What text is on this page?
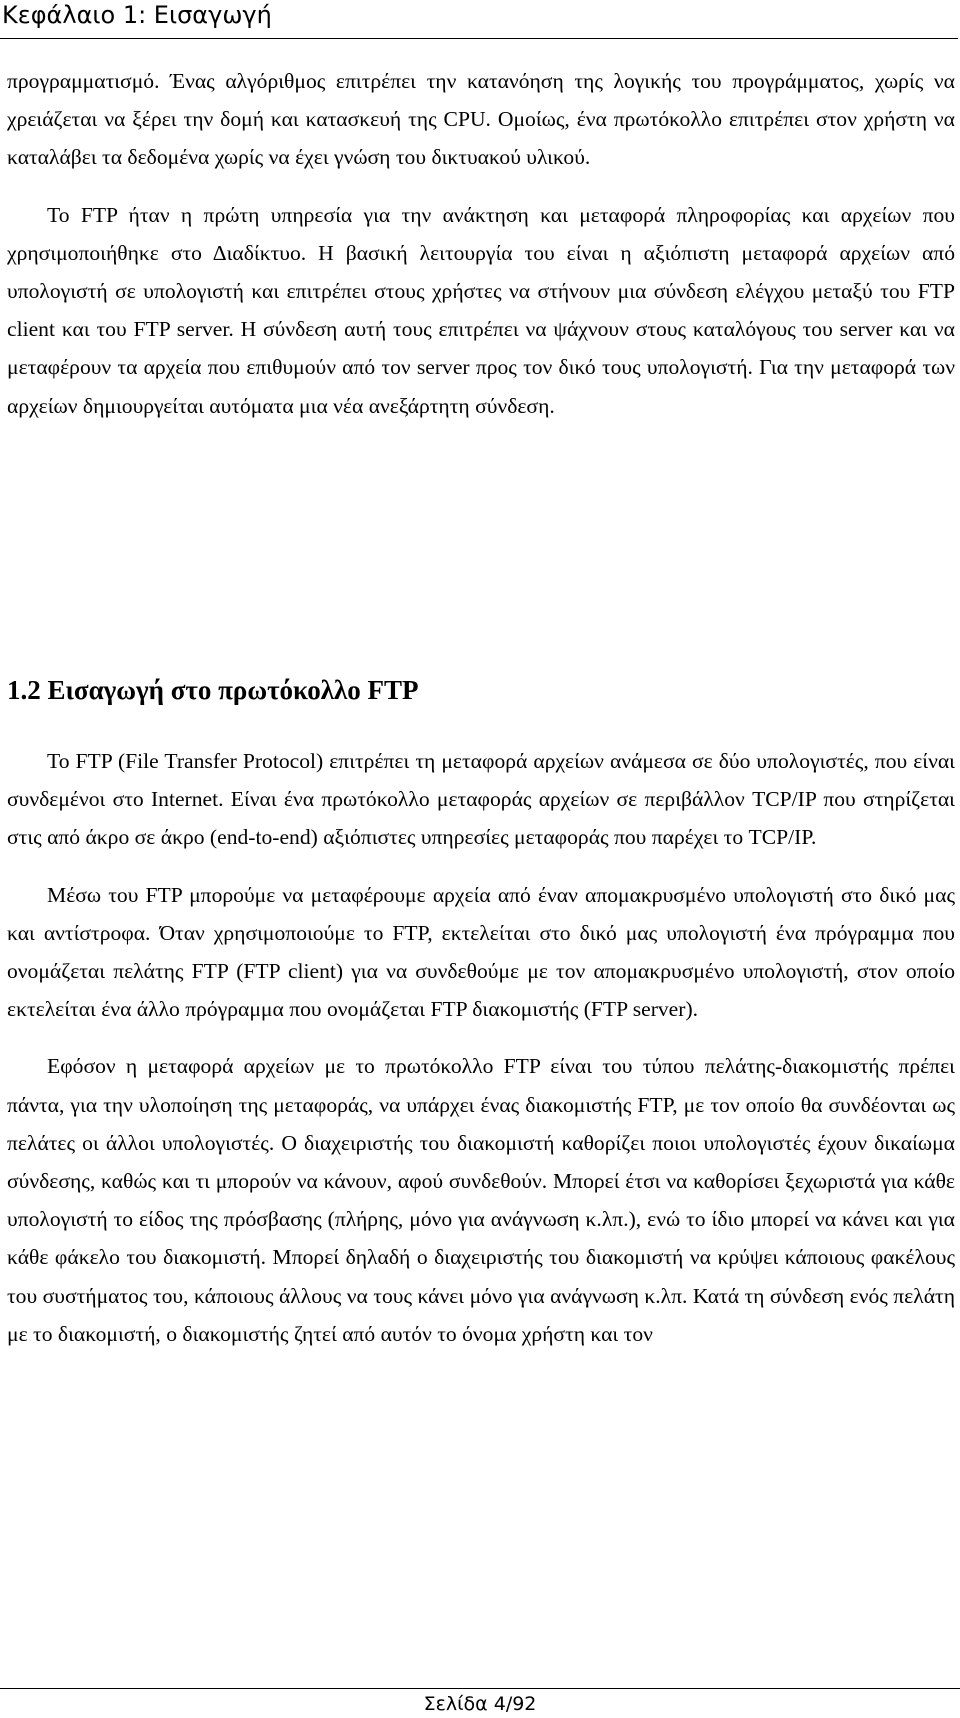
Κεφάλαιο 1: Εισαγωγή

προγραμματισμό. Ένας αλγόριθμος επιτρέπει την κατανόηση της λογικής του προγράμματος, χωρίς να χρειάζεται να ξέρει την δομή και κατασκευή της CPU. Ομοίως, ένα πρωτόκολλο επιτρέπει στον χρήστη να καταλάβει τα δεδομένα χωρίς να έχει γνώση του δικτυακού υλικού.

Το FTP ήταν η πρώτη υπηρεσία για την ανάκτηση και μεταφορά πληροφορίας και αρχείων που χρησιμοποιήθηκε στο Διαδίκτυο. Η βασική λειτουργία του είναι η αξιόπιστη μεταφορά αρχείων από υπολογιστή σε υπολογιστή και επιτρέπει στους χρήστες να στήνουν μια σύνδεση ελέγχου μεταξύ του FTP client και του FTP server. Η σύνδεση αυτή τους επιτρέπει να ψάχνουν στους καταλόγους του server και να μεταφέρουν τα αρχεία που επιθυμούν από τον server προς τον δικό τους υπολογιστή. Για την μεταφορά των αρχείων δημιουργείται αυτόματα μια νέα ανεξάρτητη σύνδεση.

1.2 Εισαγωγή στο πρωτόκολλο FTP

Το FTP (File Transfer Protocol) επιτρέπει τη μεταφορά αρχείων ανάμεσα σε δύο υπολογιστές, που είναι συνδεμένοι στο Internet. Είναι ένα πρωτόκολλο μεταφοράς αρχείων σε περιβάλλον TCP/IP που στηρίζεται στις από άκρο σε άκρο (end-to-end) αξιόπιστες υπηρεσίες μεταφοράς που παρέχει το TCP/IP.

Μέσω του FTP μπορούμε να μεταφέρουμε αρχεία από έναν απομακρυσμένο υπολογιστή στο δικό μας και αντίστροφα. Όταν χρησιμοποιούμε το FTP, εκτελείται στο δικό μας υπολογιστή ένα πρόγραμμα που ονομάζεται πελάτης FTP (FTP client) για να συνδεθούμε με τον απομακρυσμένο υπολογιστή, στον οποίο εκτελείται ένα άλλο πρόγραμμα που ονομάζεται FTP διακομιστής (FTP server).

Εφόσον η μεταφορά αρχείων με το πρωτόκολλο FTP είναι του τύπου πελάτης-διακομιστής πρέπει πάντα, για την υλοποίηση της μεταφοράς, να υπάρχει ένας διακομιστής FTP, με τον οποίο θα συνδέονται ως πελάτες οι άλλοι υπολογιστές. Ο διαχειριστής του διακομιστή καθορίζει ποιοι υπολογιστές έχουν δικαίωμα σύνδεσης, καθώς και τι μπορούν να κάνουν, αφού συνδεθούν. Μπορεί έτσι να καθορίσει ξεχωριστά για κάθε υπολογιστή το είδος της πρόσβασης (πλήρης, μόνο για ανάγνωση κ.λπ.), ενώ το ίδιο μπορεί να κάνει και για κάθε φάκελο του διακομιστή. Μπορεί δηλαδή ο διαχειριστής του διακομιστή να κρύψει κάποιους φακέλους του συστήματος του, κάποιους άλλους να τους κάνει μόνο για ανάγνωση κ.λπ. Κατά τη σύνδεση ενός πελάτη με το διακομιστή, ο διακομιστής ζητεί από αυτόν το όνομα χρήστη και τον

Σελίδα 4/92
